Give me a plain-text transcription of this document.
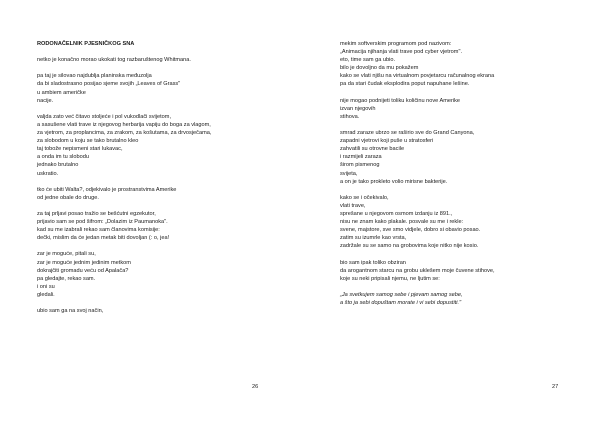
RODONAČELNIK PJESNIČKOG SNA
netko je konačno morao ukokati tog razbaruštenog Whitmana.
pa taj je silovao najdublja planinska međuzolja
da bi sladostrasno posijao sjeme svojih „Leaves of Grass"
u ambiem američke
nacije.
valjda zato već čitavo stoljeće i pol vukodlači svijetom,
a sasušene vlati trave iz njegovog herbarija vapiju do boga za vlagom,
za vjetrom, za proplancima, za zrakom, za košutama, za drvosječama,
za slobodom u koju se tako brutalno kleo
taj tobože nepismeni stari lukavac,
a onda im tu slobodu
jednako brutalno
uskratio.
tko će ubiti Walta?, odjekivalo je prostranstvima Amerike
od jedne obale do druge.
za taj prljavi posao tražio se bešćutni egzekutor,
prijavio sam se pod šifrom: „Dolazim iz Paumanoka".
kad su me izabrali rekao sam članovima komisije:
dečki, mislim da će jedan metak biti dovoljan (: o, jea!
zar je moguće, pitali su,
zar je moguće jednim jedinim metkom
dokrajčiti gromadu veću od Apalača?
pa gledajte, rekao sam.
i oni su
gledali.
ubio sam ga na svoj način,
26
mekim softverskim programom pod nazivom:
„Animacija njihanja vlati trave pod cyber vjetrom".
eto, time sam ga ubio.
bilo je dovoljno da mu pokažem
kako se vlati njišu na virtualnom povjetarcu računalnog ekrana
pa da stari čudak eksplodira poput napuhane lešine.
nije mogao podnijeti toliku količinu nove Amerike
izvan njegovih
stihova.
smrad zaraze ubrzo se raširio sve do Grand Canyona,
zapadni vjetrovi koji puše u stratosferi
zahvatili su otrovne bacile
i razmijeli zaraza
širom pismenog
svijeta,
a on je tako prokleto volio mirisne bakterije.
kako se i očekivalo,
vlati trave,
sprešane u njegovom osmom izdanju iz 891.,
nisu ne znam kako plakale. posvale su me i rekle:
svene, majstore, sve smo vidjele, dobro si obavio posao.
zatim su izumrle kao vrsta,
zadržale su se samo na grobovima koje nitko nije kosio.
bio sam ipak toliko obziran
da arogantnom starcu na grobu uklešem moje čuvene stihove,
koje su neki pripisali njemu, ne ljutim se:
„Ja svetkujem samog sebe i pjevam samog sebe,
a što ja sebi dopuštam morate i vi sebi dopustiti."
27
